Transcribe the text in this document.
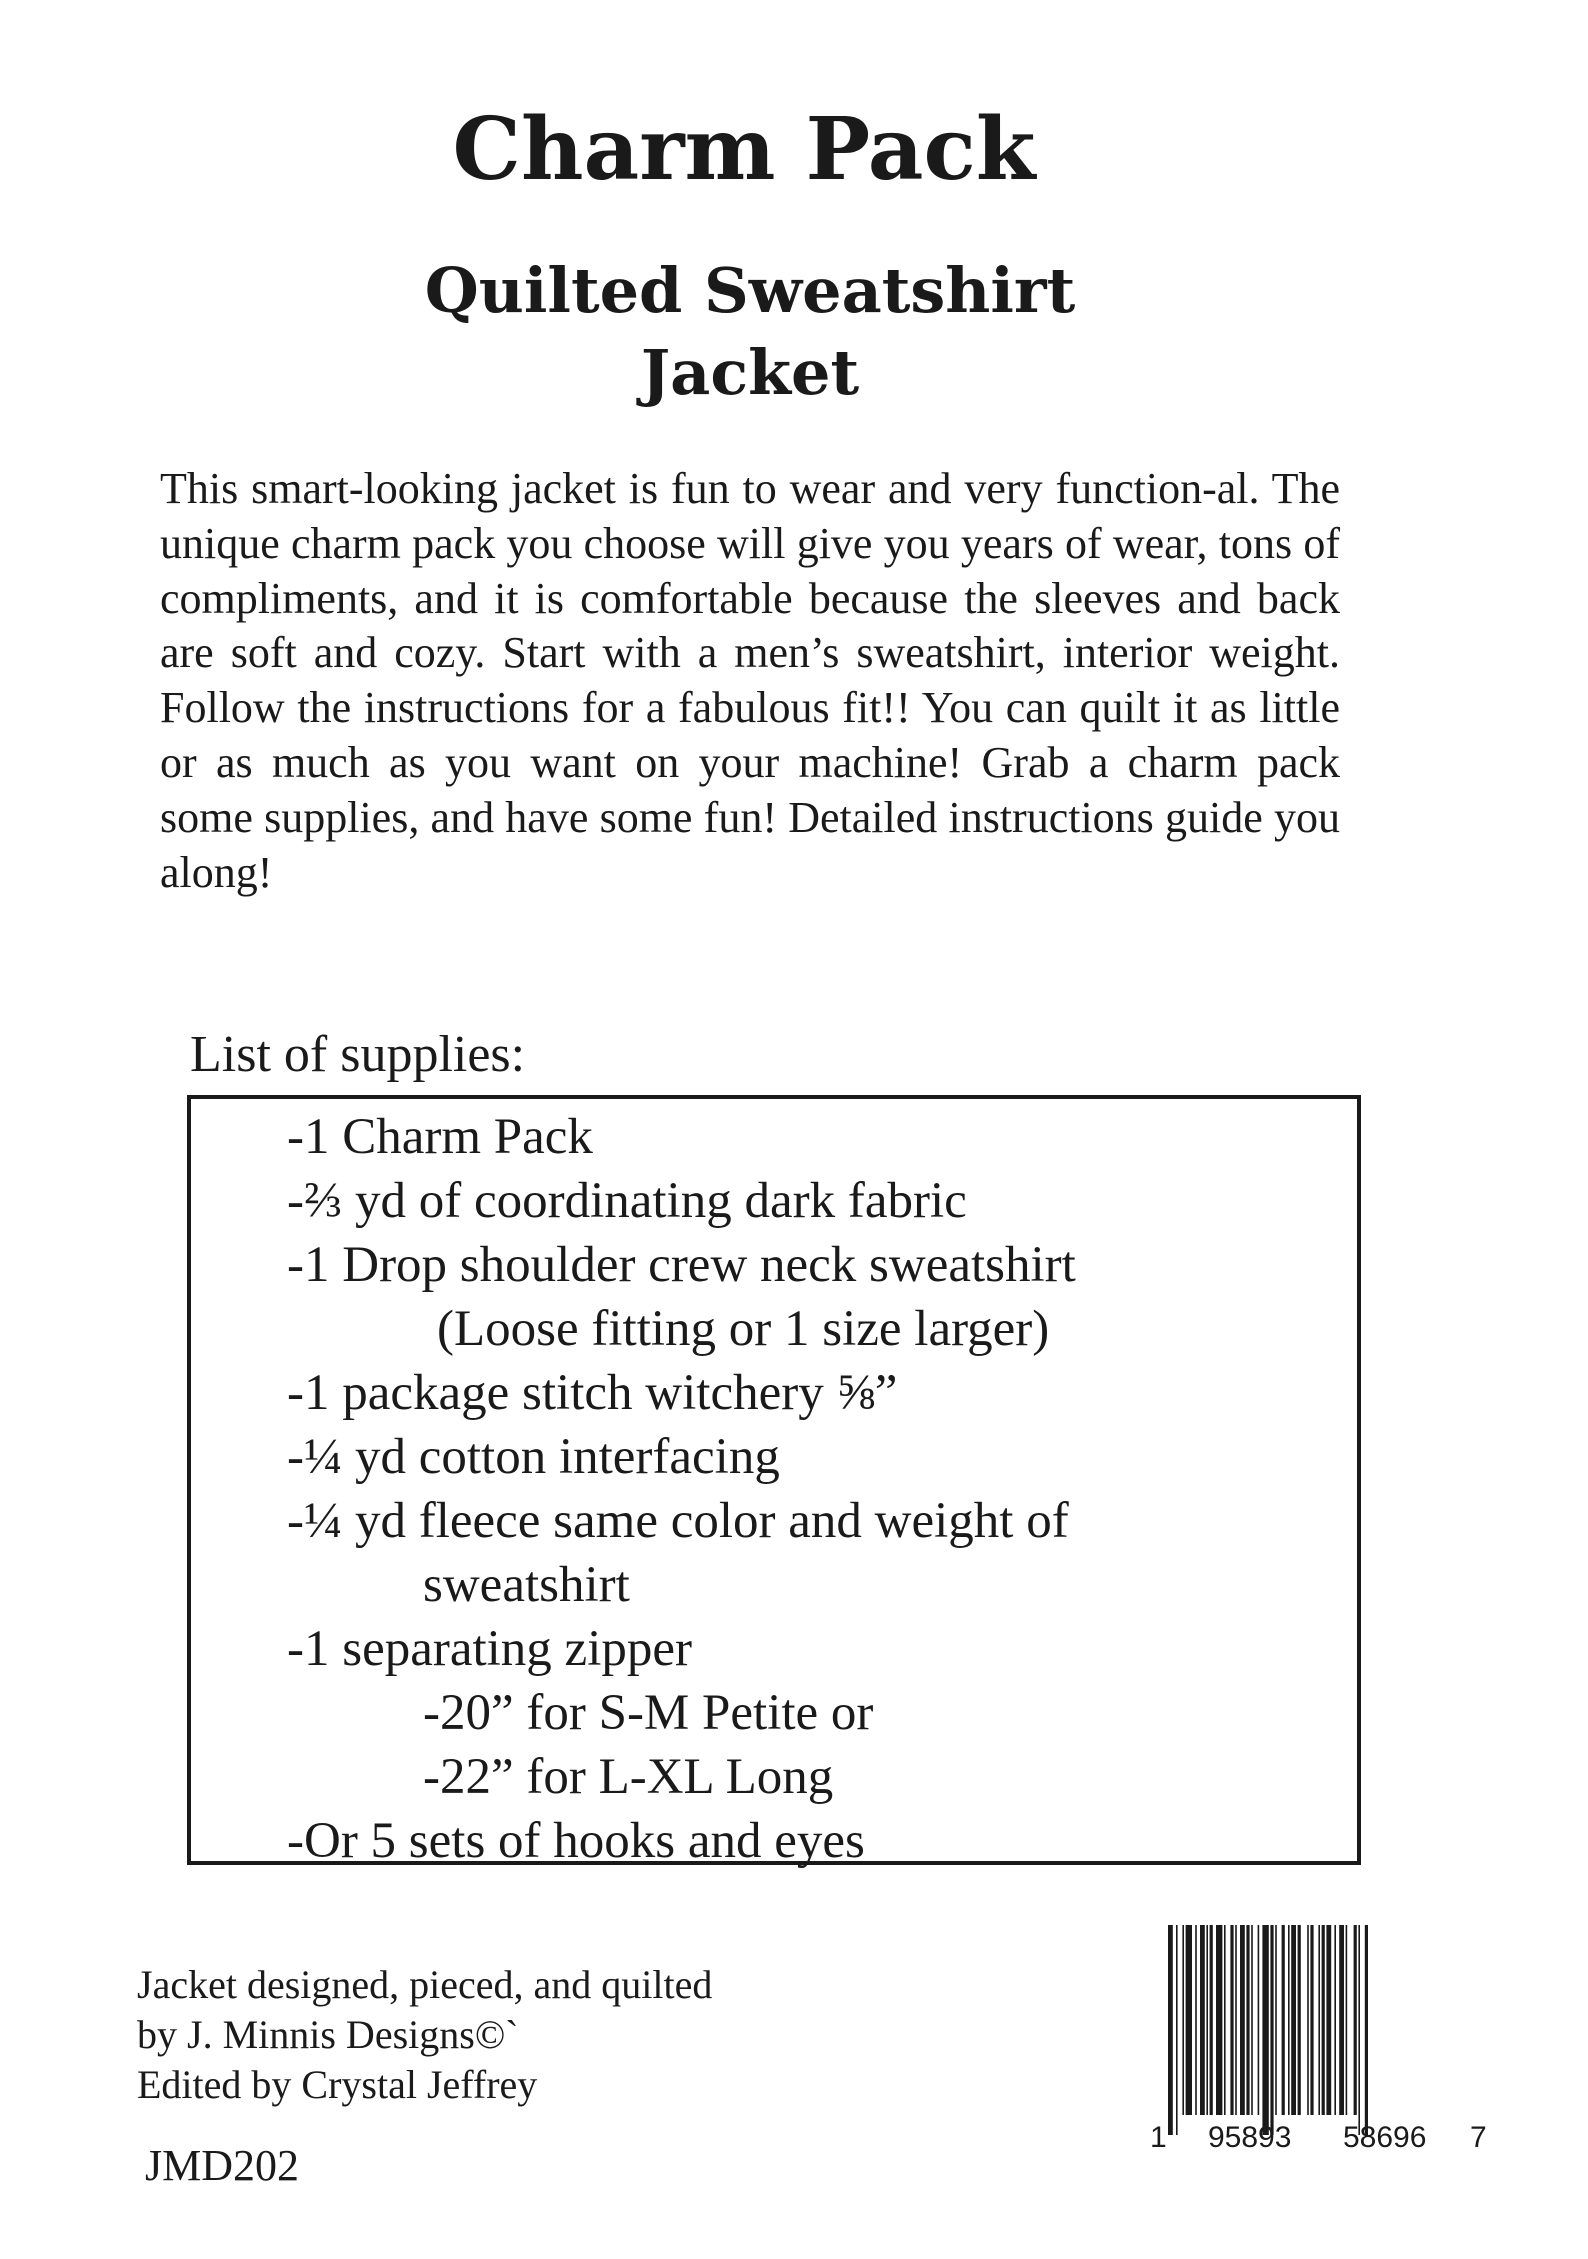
Charm Pack
Quilted Sweatshirt
Jacket

This smart-looking jacket is fun to wear and very function-al. The unique charm pack you choose will give you years of wear, tons of compliments, and it is comfortable because the sleeves and back are soft and cozy. Start with a men’s sweatshirt, interior weight. Follow the instructions for a fabulous fit!! You can quilt it as little or as much as you want on your machine! Grab a charm pack some supplies, and have some fun! Detailed instructions guide you along!

List of supplies:
-1 Charm Pack
-⅔ yd of coordinating dark fabric
-1 Drop shoulder crew neck sweatshirt
(Loose fitting or 1 size larger)
-1 package stitch witchery ⅝”
-¼ yd cotton interfacing
-¼ yd fleece same color and weight of
sweatshirt
-1 separating zipper
-20” for S-M Petite or
-22” for L-XL Long
-Or 5 sets of hooks and eyes
Jacket designed, pieced, and quilted
by J. Minnis Designs©`
Edited by Crystal Jeffrey
JMD202
1 95893 58696 7
